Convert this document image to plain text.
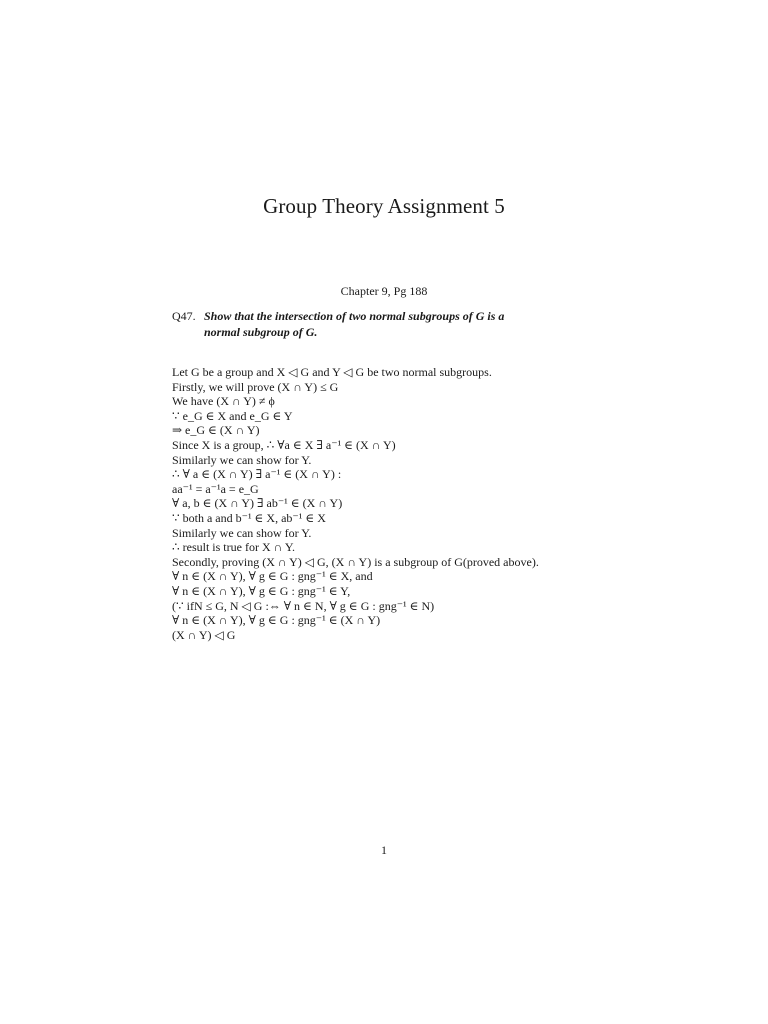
Group Theory Assignment 5
Chapter 9, Pg 188
Q47. Show that the intersection of two normal subgroups of G is a
normal subgroup of G.
Let G be a group and X ◁ G and Y ◁ G be two normal subgroups.
Firstly, we will prove (X ∩ Y) ≤ G
We have (X ∩ Y) ≠ ϕ
∵ e_G ∈ X and e_G ∈ Y
⇒ e_G ∈ (X ∩ Y)
Since X is a group, ∴ ∀a ∈ X ∃ a⁻¹ ∈ (X ∩ Y)
Similarly we can show for Y.
∴ ∀ a ∈ (X ∩ Y) ∃ a⁻¹ ∈ (X ∩ Y) :
aa⁻¹ = a⁻¹a = e_G
∀ a, b ∈ (X ∩ Y) ∃ ab⁻¹ ∈ (X ∩ Y)
∵ both a and b⁻¹ ∈ X, ab⁻¹ ∈ X
Similarly we can show for Y.
∴ result is true for X ∩ Y.
Secondly, proving (X ∩ Y) ◁ G, (X ∩ Y) is a subgroup of G(proved above).
∀ n ∈ (X ∩ Y), ∀ g ∈ G : gng⁻¹ ∈ X, and
∀ n ∈ (X ∩ Y), ∀ g ∈ G : gng⁻¹ ∈ Y,
(∵ ifN ≤ G, N ◁ G :⇔ ∀ n ∈ N, ∀ g ∈ G : gng⁻¹ ∈ N)
∀ n ∈ (X ∩ Y), ∀ g ∈ G : gng⁻¹ ∈ (X ∩ Y)
(X ∩ Y) ◁ G
1
